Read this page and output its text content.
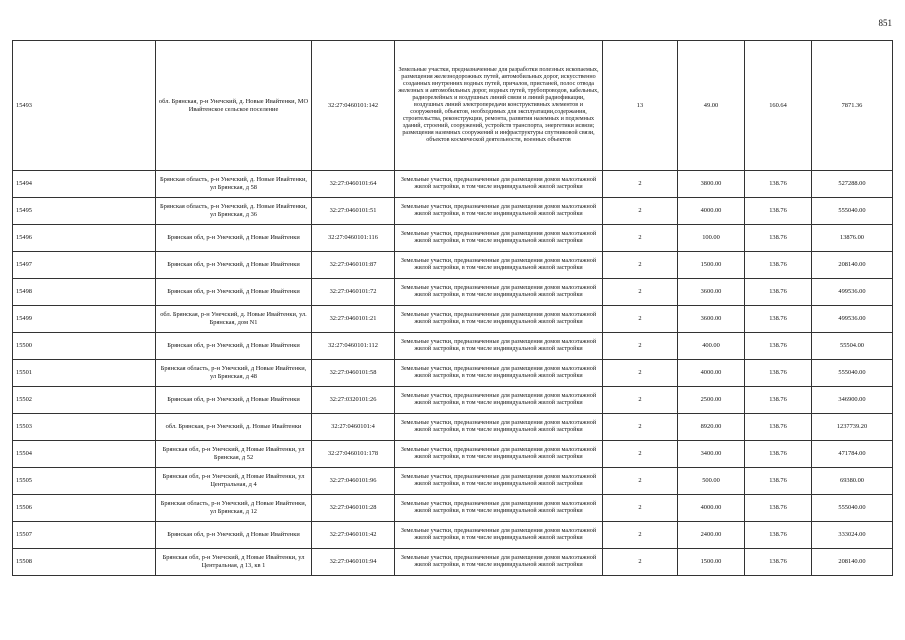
851
15493	обл. Брянская, р-н Унечский, д. Новые Ивайтенки, МО Ивайтенское сельское поселение	32:27:0460101:142	Земельные участки, предназначенные для разработки полезных ископаемых, размещения железнодорожных путей, автомобильных дорог, искусственно созданных внутренних водных путей, причалов, пристаней, полос отвода железных и автомобильных дорог, водных путей, трубопроводов, кабельных, радиорелейных и воздушных линий связи и линий радиофикации, воздушных линий электропередачи конструктивных элементов и сооружений, объектов, необходимых для эксплуатации,содержания, строительства, реконструкции, ремонта, развития наземных и подземных зданий, строений, сооружений, устройств транспорта, энергетики исвязи; размещения наземных сооружений и инфраструктуры спутниковой связи, объектов космической деятельности, военных объектов	13	49.00	160.64	7871.36
15494	Брянская область, р-н Унечский, д. Новые Ивайтенки, ул Брянская, д 58	32:27:0460101:64	Земельные участки, предназначенные для размещения домов малоэтажной жилой застройки, в том числе индивидуальной жилой застройки	2	3800.00	138.76	527288.00
15495	Брянская область, р-н Унечский, д. Новые Ивайтенки, ул Брянская, д 36	32:27:0460101:51	Земельные участки, предназначенные для размещения домов малоэтажной жилой застройки, в том числе индивидуальной жилой застройки	2	4000.00	138.76	555040.00
15496	Брянская обл, р-н Унечский, д Новые Ивайтенки	32:27:0460101:116	Земельные участки, предназначенные для размещения домов малоэтажной жилой застройки, в том числе индивидуальной жилой застройки	2	100.00	138.76	13876.00
15497	Брянская обл, р-н Унечский, д Новые Ивайтенки	32:27:0460101:87	Земельные участки, предназначенные для размещения домов малоэтажной жилой застройки, в том числе индивидуальной жилой застройки	2	1500.00	138.76	208140.00
15498	Брянская обл, р-н Унечский, д Новые Ивайтенки	32:27:0460101:72	Земельные участки, предназначенные для размещения домов малоэтажной жилой застройки, в том числе индивидуальной жилой застройки	2	3600.00	138.76	499536.00
15499	обл. Брянская, р-н Унечский, д. Новые Ивайтенки, ул. Брянская, дом N1	32:27:0460101:21	Земельные участки, предназначенные для размещения домов малоэтажной жилой застройки, в том числе индивидуальной жилой застройки	2	3600.00	138.76	499536.00
15500	Брянская обл, р-н Унечский, д Новые Ивайтенки	32:27:0460101:112	Земельные участки, предназначенные для размещения домов малоэтажной жилой застройки, в том числе индивидуальной жилой застройки	2	400.00	138.76	55504.00
15501	Брянская область, р-н Унечский, д Новые Ивайтенки, ул Брянская, д 48	32:27:0460101:58	Земельные участки, предназначенные для размещения домов малоэтажной жилой застройки, в том числе индивидуальной жилой застройки	2	4000.00	138.76	555040.00
15502	Брянская обл, р-н Унечский, д Новые Ивайтенки	32:27:0320101:26	Земельные участки, предназначенные для размещения домов малоэтажной жилой застройки, в том числе индивидуальной жилой застройки	2	2500.00	138.76	346900.00
15503	обл. Брянская, р-н Унечский, д. Новые Ивайтенки	32:27:0460101:4	Земельные участки, предназначенные для размещения домов малоэтажной жилой застройки, в том числе индивидуальной жилой застройки	2	8920.00	138.76	1237739.20
15504	Брянская обл, р-н Унечский, д Новые Ивайтенки, ул Брянская, д 52	32:27:0460101:178	Земельные участки, предназначенные для размещения домов малоэтажной жилой застройки, в том числе индивидуальной жилой застройки	2	3400.00	138.76	471784.00
15505	Брянская обл, р-н Унечский, д Новые Ивайтенки, ул Центральная, д 4	32:27:0460101:96	Земельные участки, предназначенные для размещения домов малоэтажной жилой застройки, в том числе индивидуальной жилой застройки	2	500.00	138.76	69380.00
15506	Брянская область, р-н Унечский, д Новые Ивайтенки, ул Брянская, д 12	32:27:0460101:28	Земельные участки, предназначенные для размещения домов малоэтажной жилой застройки, в том числе индивидуальной жилой застройки	2	4000.00	138.76	555040.00
15507	Брянская обл, р-н Унечский, д Новые Ивайтенки	32:27:0460101:42	Земельные участки, предназначенные для размещения домов малоэтажной жилой застройки, в том числе индивидуальной жилой застройки	2	2400.00	138.76	333024.00
15508	Брянская обл, р-н Унечский, д Новые Ивайтенки, ул Центральная, д 13, кв 1	32:27:0460101:94	Земельные участки, предназначенные для размещения домов малоэтажной жилой застройки, в том числе индивидуальной жилой застройки	2	1500.00	138.76	208140.00
